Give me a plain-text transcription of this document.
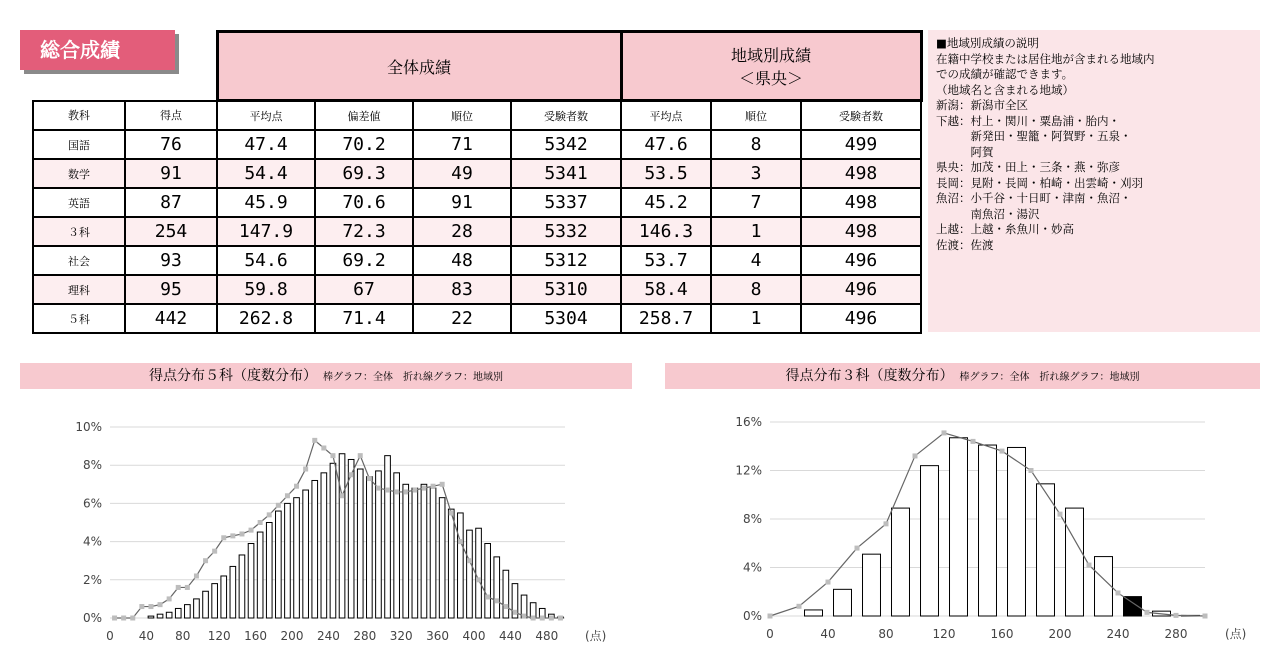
総合成績
		全体成績				地域別成績
＜県央＞		

教科	得点	平均点	偏差値	順位	受験者数	平均点	順位	受験者数
国語	76	47.4	70.2	71	5342	47.6	8	499
数学	91	54.4	69.3	49	5341	53.5	3	498
英語	87	45.9	70.6	91	5337	45.2	7	498
３科	254	147.9	72.3	28	5332	146.3	1	498
社会	93	54.6	69.2	48	5312	53.7	4	496
理科	95	59.8	67	83	5310	58.4	8	496
５科	442	262.8	71.4	22	5304	258.7	1	496
■地域別成績の説明
在籍中学校または居住地が含まれる地域内
での成績が確認できます。
（地域名と含まれる地域）
新潟：新潟市全区
下越：村上・関川・粟島浦・胎内・
　　　新発田・聖籠・阿賀野・五泉・
　　　阿賀
県央：加茂・田上・三条・燕・弥彦
長岡：見附・長岡・柏崎・出雲崎・刈羽
魚沼：小千谷・十日町・津南・魚沼・
　　　南魚沼・湯沢
上越：上越・糸魚川・妙高
佐渡：佐渡
得点分布５科（度数分布） 棒グラフ：全体　折れ線グラフ：地域別	得点分布３科（度数分布） 棒グラフ：全体　折れ線グラフ：地域別
0%
2%
4%
6%
8%
10%
0 40 80 120 160 200 240 280 320 360 400 440 480 (点)
0%
4%
8%
12%
16%
0	40	80	120	160	200	240	280	(点)
